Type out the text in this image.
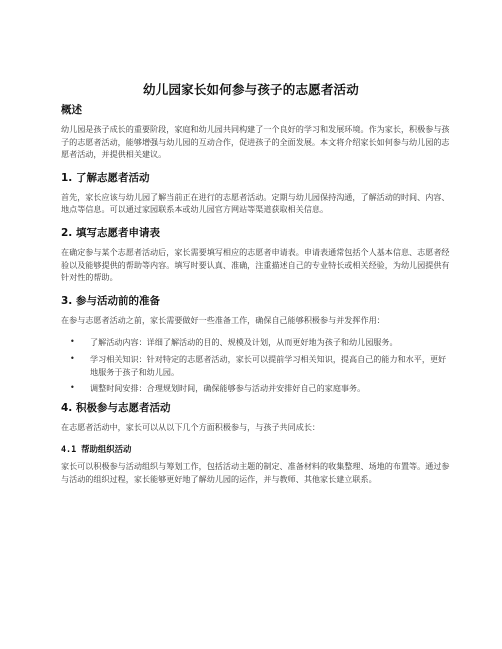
幼儿园家长如何参与孩子的志愿者活动
概述

幼儿园是孩子成长的重要阶段，家庭和幼儿园共同构建了一个良好的学习和发展环境。作为家长，积极参与孩子的志愿者活动，能够增强与幼儿园的互动合作，促进孩子的全面发展。本文将介绍家长如何参与幼儿园的志愿者活动，并提供相关建议。

1. 了解志愿者活动

首先，家长应该与幼儿园了解当前正在进行的志愿者活动。定期与幼儿园保持沟通，了解活动的时间、内容、地点等信息。可以通过家园联系本或幼儿园官方网站等渠道获取相关信息。

2. 填写志愿者申请表

在确定参与某个志愿者活动后，家长需要填写相应的志愿者申请表。申请表通常包括个人基本信息、志愿者经验以及能够提供的帮助等内容。填写时要认真、准确，注重描述自己的专业特长或相关经验，为幼儿园提供有针对性的帮助。

3. 参与活动前的准备

在参与志愿者活动之前，家长需要做好一些准备工作，确保自己能够积极参与并发挥作用：

• 了解活动内容：详细了解活动的目的、规模及计划，从而更好地为孩子和幼儿园服务。
• 学习相关知识：针对特定的志愿者活动，家长可以提前学习相关知识，提高自己的能力和水平，更好地服务于孩子和幼儿园。
• 调整时间安排：合理规划时间，确保能够参与活动并安排好自己的家庭事务。
4. 积极参与志愿者活动

在志愿者活动中，家长可以从以下几个方面积极参与，与孩子共同成长：

4.1 帮助组织活动

家长可以积极参与活动组织与筹划工作，包括活动主题的制定、准备材料的收集整理、场地的布置等。通过参与活动的组织过程，家长能够更好地了解幼儿园的运作，并与教师、其他家长建立联系。
